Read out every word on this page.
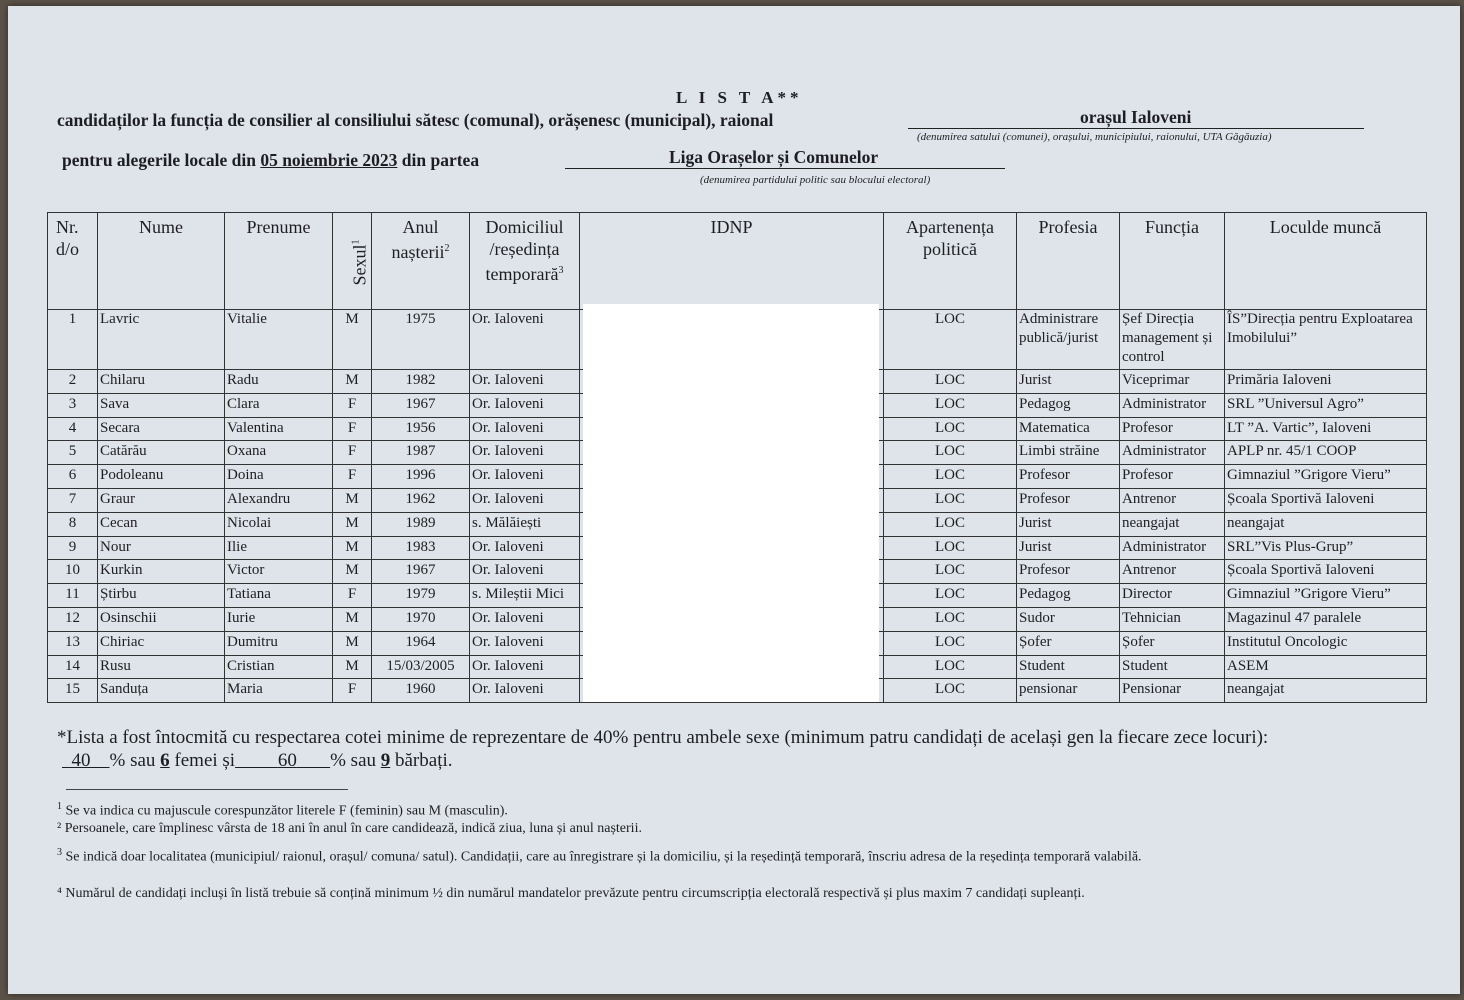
L I S T A**
candidaților la funcția de consilier al consiliului sătesc (comunal), orășenesc (municipal), raional	orașul Ialoveni
(denumirea satului (comunei), orașului, municipiului, raionului, UTA Găgăuzia)
pentru alegerile locale din 05 noiembrie 2023 din partea	Liga Orașelor și Comunelor
(denumirea partidului politic sau blocului electoral)
Nr. d/o	Nume	Prenume	Sexul$^1$	Anul nașterii$^2$	Domiciliul /reședința temporară$^3$	IDNP	Apartenența politică	Profesia	Funcția	Loculde muncă
1	Lavric	Vitalie	M	1975	Or. Ialoveni		LOC	Administrare publică/jurist	Șef Direcția management și control	ÎS”Direcția pentru Exploatarea Imobilului”
2	Chilaru	Radu	M	1982	Or. Ialoveni		LOC	Jurist	Viceprimar	Primăria Ialoveni
3	Sava	Clara	F	1967	Or. Ialoveni		LOC	Pedagog	Administrator	SRL ”Universul Agro”
4	Secara	Valentina	F	1956	Or. Ialoveni		LOC	Matematica	Profesor	LT ”A. Vartic”, Ialoveni
5	Catărău	Oxana	F	1987	Or. Ialoveni		LOC	Limbi străine	Administrator	APLP nr. 45/1 COOP
6	Podoleanu	Doina	F	1996	Or. Ialoveni		LOC	Profesor	Profesor	Gimnaziul ”Grigore Vieru”
7	Graur	Alexandru	M	1962	Or. Ialoveni		LOC	Profesor	Antrenor	Școala Sportivă Ialoveni
8	Cecan	Nicolai	M	1989	s. Mălăiești		LOC	Jurist	neangajat	neangajat
9	Nour	Ilie	M	1983	Or. Ialoveni		LOC	Jurist	Administrator	SRL”Vis Plus-Grup”
10	Kurkin	Victor	M	1967	Or. Ialoveni		LOC	Profesor	Antrenor	Școala Sportivă Ialoveni
11	Știrbu	Tatiana	F	1979	s. Mileștii Mici		LOC	Pedagog	Director	Gimnaziul ”Grigore Vieru”
12	Osinschii	Iurie	M	1970	Or. Ialoveni		LOC	Sudor	Tehnician	Magazinul 47 paralele
13	Chiriac	Dumitru	M	1964	Or. Ialoveni		LOC	Șofer	Șofer	Institutul Oncologic
14	Rusu	Cristian	M	15/03/2005	Or. Ialoveni		LOC	Student	Student	ASEM
15	Sanduța	Maria	F	1960	Or. Ialoveni		LOC	pensionar	Pensionar	neangajat
*Lista a fost întocmită cu respectarea cotei minime de reprezentare de 40% pentru ambele sexe (minimum patru candidați de același gen la fiecare zece locuri):
40 % sau 6 femei și 60 % sau 9 bărbați.
$^1$ Se va indica cu majuscule corespunzător literele F (feminin) sau M (masculin).
² Persoanele, care împlinesc vârsta de 18 ani în anul în care candidează, indică ziua, luna și anul nașterii.
$^3$ Se indică doar localitatea (municipiul/ raionul, orașul/ comuna/ satul). Candidații, care au înregistrare și la domiciliu, și la reședință temporară, înscriu adresa de la reședința temporară valabilă.
⁴ Numărul de candidați incluși în listă trebuie să conțină minimum ½ din numărul mandatelor prevăzute pentru circumscripția electorală respectivă și plus maxim 7 candidați supleanți.
